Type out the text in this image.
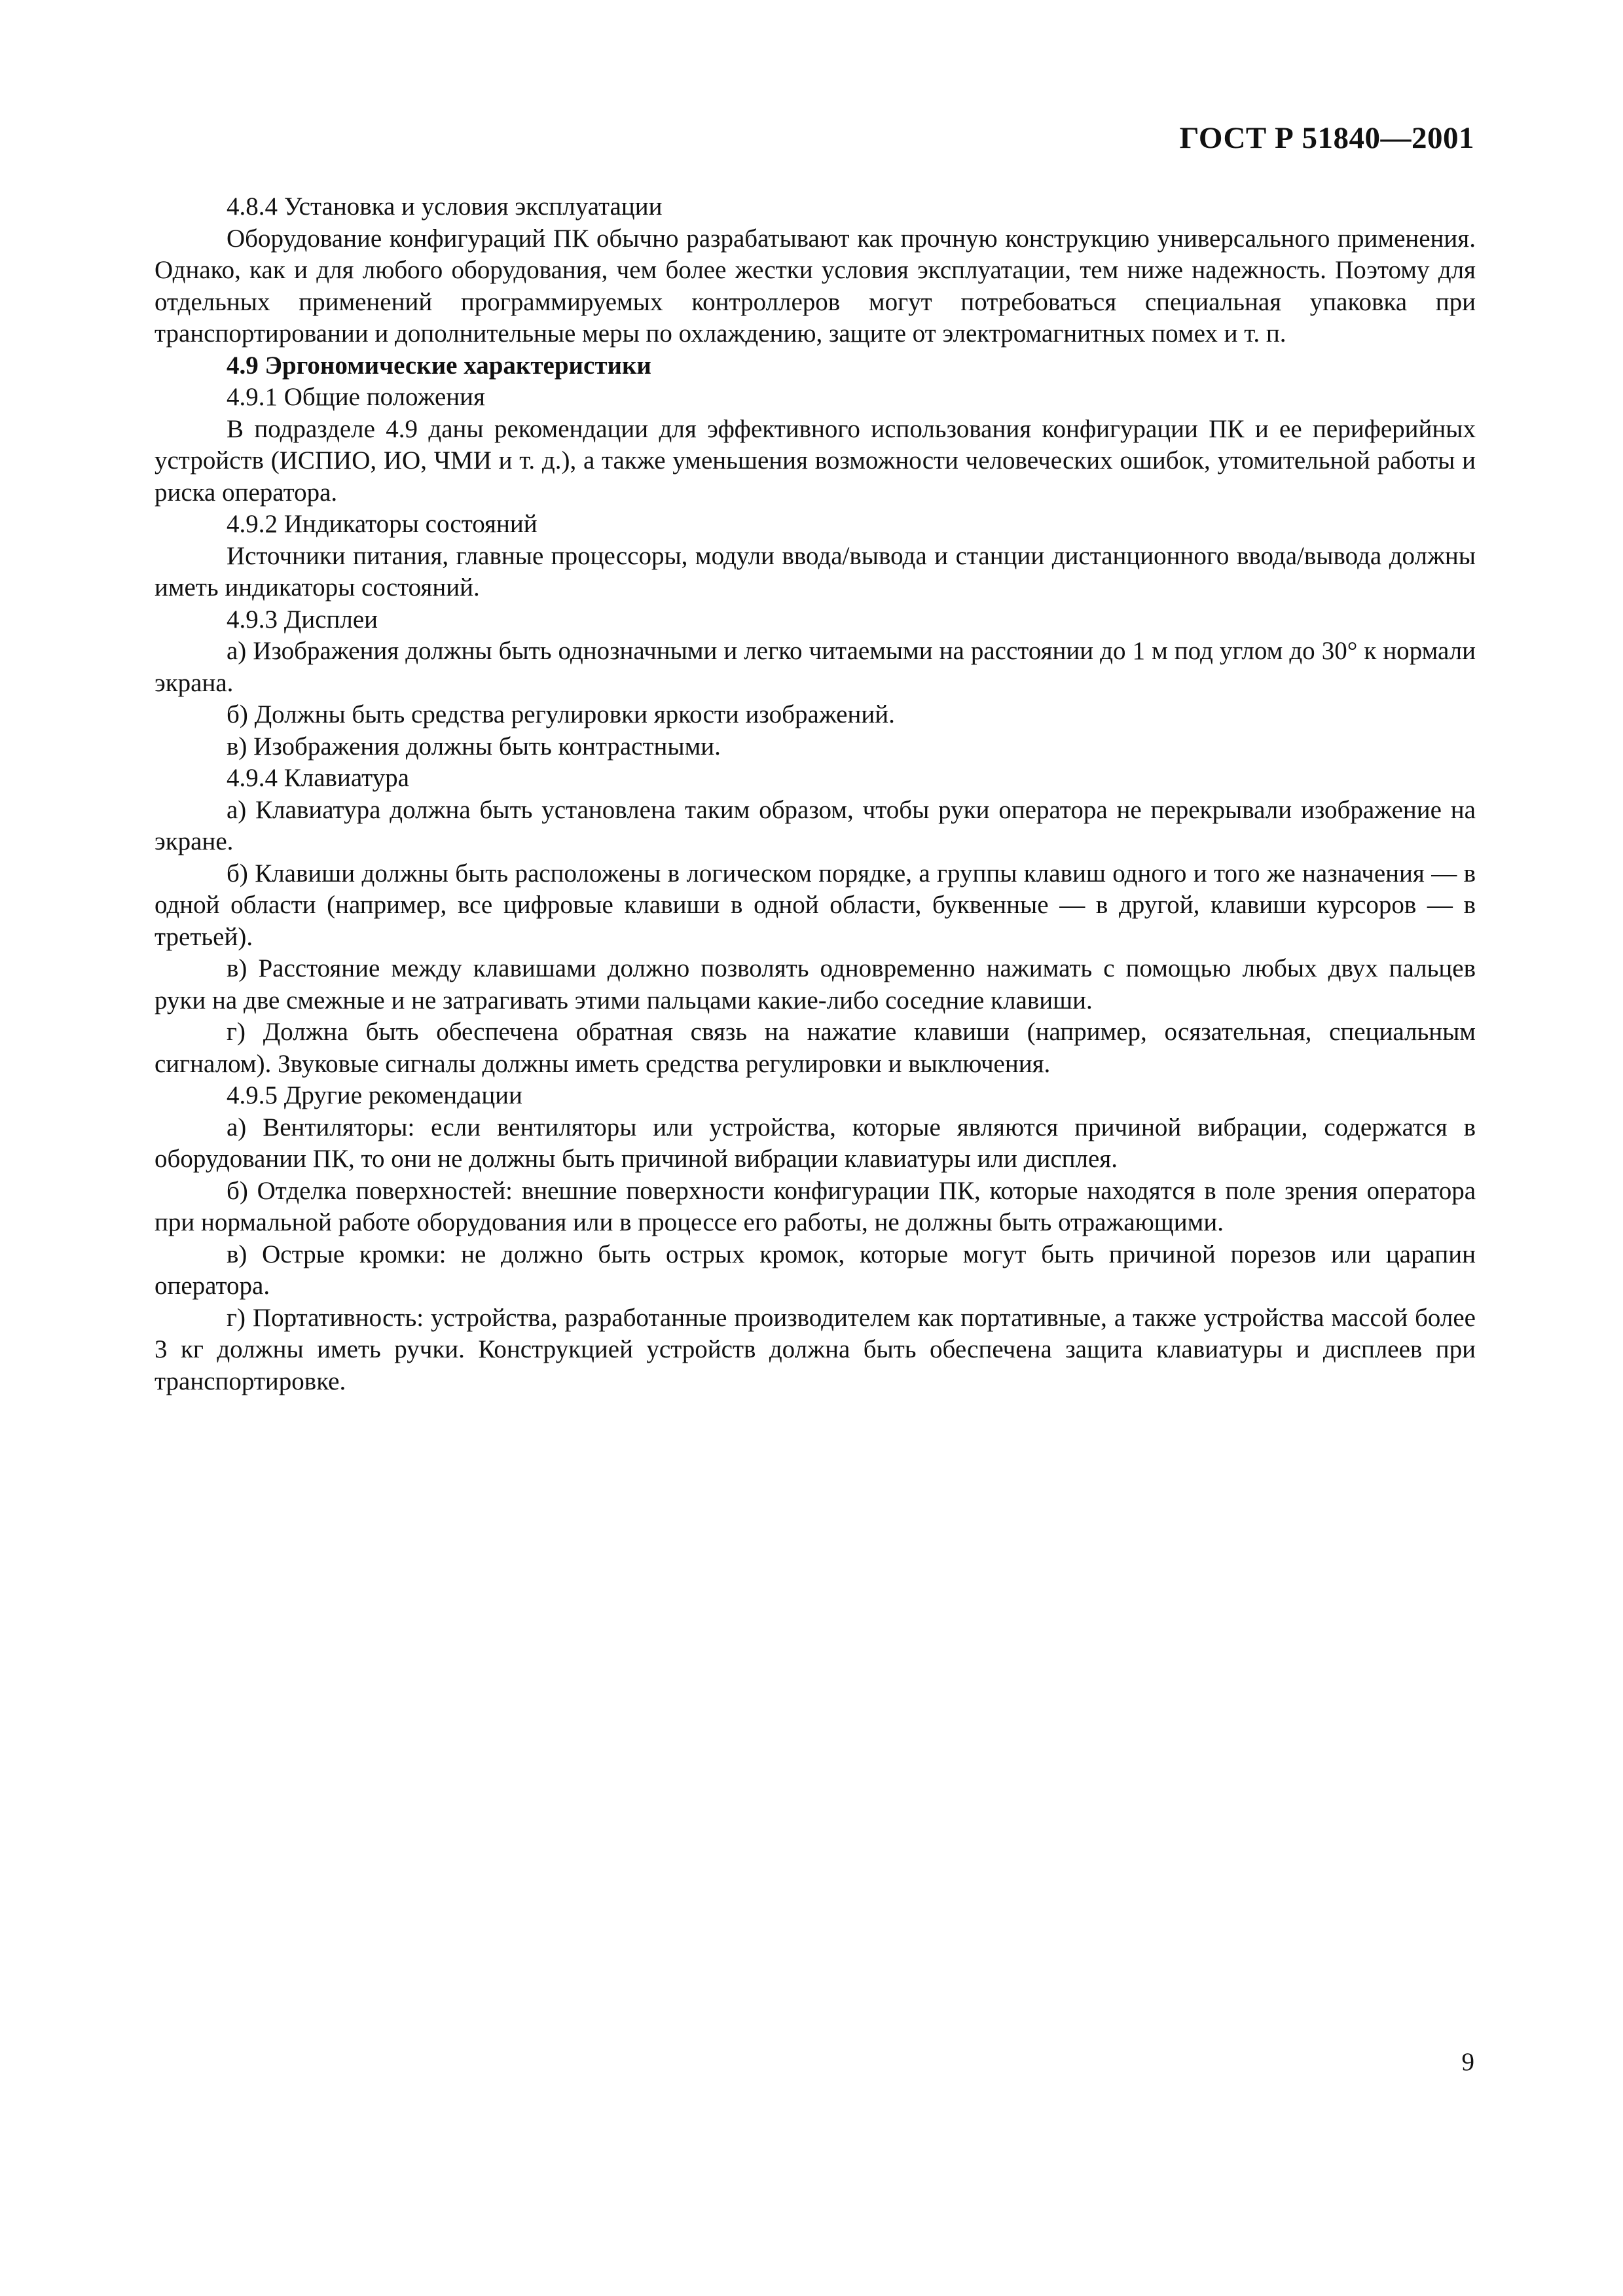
ГОСТ Р 51840—2001

4.8.4 Установка и условия эксплуатации

Оборудование конфигураций ПК обычно разрабатывают как прочную конструкцию универсального применения. Однако, как и для любого оборудования, чем более жестки условия эксплуатации, тем ниже надежность. Поэтому для отдельных применений программируемых контроллеров могут потребоваться специальная упаковка при транспортировании и дополнительные меры по охлаждению, защите от электромагнитных помех и т. п.

4.9 Эргономические характеристики

4.9.1 Общие положения

В подразделе 4.9 даны рекомендации для эффективного использования конфигурации ПК и ее периферийных устройств (ИСПИО, ИО, ЧМИ и т. д.), а также уменьшения возможности человеческих ошибок, утомительной работы и риска оператора.

4.9.2 Индикаторы состояний

Источники питания, главные процессоры, модули ввода/вывода и станции дистанционного ввода/вывода должны иметь индикаторы состояний.

4.9.3 Дисплеи

а) Изображения должны быть однозначными и легко читаемыми на расстоянии до 1 м под углом до 30° к нормали экрана.

б) Должны быть средства регулировки яркости изображений.

в) Изображения должны быть контрастными.

4.9.4 Клавиатура

а) Клавиатура должна быть установлена таким образом, чтобы руки оператора не перекрывали изображение на экране.

б) Клавиши должны быть расположены в логическом порядке, а группы клавиш одного и того же назначения — в одной области (например, все цифровые клавиши в одной области, буквенные — в другой, клавиши курсоров — в третьей).

в) Расстояние между клавишами должно позволять одновременно нажимать с помощью любых двух пальцев руки на две смежные и не затрагивать этими пальцами какие-либо соседние клавиши.

г) Должна быть обеспечена обратная связь на нажатие клавиши (например, осязательная, специальным сигналом). Звуковые сигналы должны иметь средства регулировки и выключения.

4.9.5 Другие рекомендации

а) Вентиляторы: если вентиляторы или устройства, которые являются причиной вибрации, содержатся в оборудовании ПК, то они не должны быть причиной вибрации клавиатуры или дисплея.

б) Отделка поверхностей: внешние поверхности конфигурации ПК, которые находятся в поле зрения оператора при нормальной работе оборудования или в процессе его работы, не должны быть отражающими.

в) Острые кромки: не должно быть острых кромок, которые могут быть причиной порезов или царапин оператора.

г) Портативность: устройства, разработанные производителем как портативные, а также устройства массой более 3 кг должны иметь ручки. Конструкцией устройств должна быть обеспечена защита клавиатуры и дисплеев при транспортировке.

9
